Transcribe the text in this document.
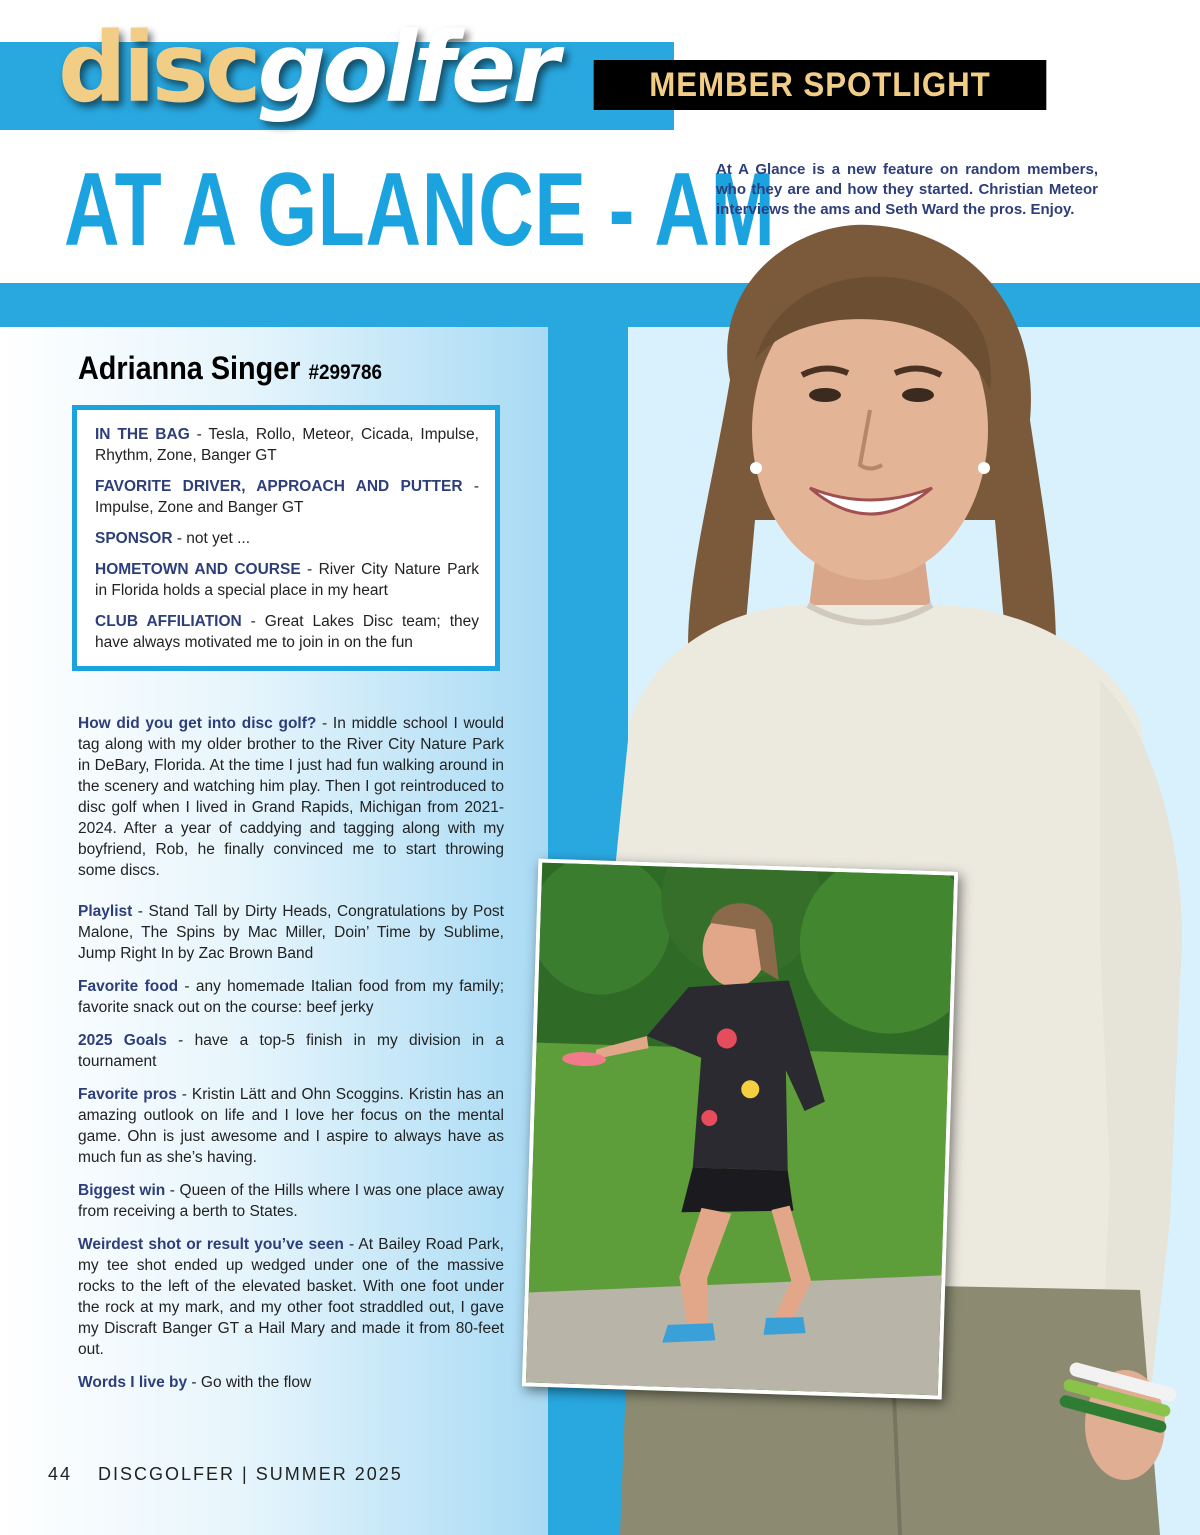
discgolfer	MEMBER SPOTLIGHT
AT A GLANCE - AM
At A Glance is a new feature on random members, who they are and how they started. Christian Meteor interviews the ams and Seth Ward the pros. Enjoy.
Adrianna Singer #299786

IN THE BAG - Tesla, Rollo, Meteor, Cicada, Impulse, Rhythm, Zone, Banger GT

FAVORITE DRIVER, APPROACH AND PUTTER - Impulse, Zone and Banger GT

SPONSOR - not yet ...

HOMETOWN AND COURSE - River City Nature Park in Florida holds a special place in my heart

CLUB AFFILIATION - Great Lakes Disc team; they have always motivated me to join in on the fun

How did you get into disc golf? - In middle school I would tag along with my older brother to the River City Nature Park in DeBary, Florida. At the time I just had fun walking around in the scenery and watching him play. Then I got reintroduced to disc golf when I lived in Grand Rapids, Michigan from 2021-2024. After a year of caddying and tagging along with my boyfriend, Rob, he finally convinced me to start throwing some discs.

Playlist - Stand Tall by Dirty Heads, Congratulations by Post Malone, The Spins by Mac Miller, Doin’ Time by Sublime, Jump Right In by Zac Brown Band

Favorite food - any homemade Italian food from my family; favorite snack out on the course: beef jerky

2025 Goals - have a top-5 finish in my division in a tournament

Favorite pros - Kristin Lätt and Ohn Scoggins. Kristin has an amazing outlook on life and I love her focus on the mental game. Ohn is just awesome and I aspire to always have as much fun as she’s having.

Biggest win - Queen of the Hills where I was one place away from receiving a berth to States.

Weirdest shot or result you’ve seen - At Bailey Road Park, my tee shot ended up wedged under one of the massive rocks to the left of the elevated basket. With one foot under the rock at my mark, and my other foot straddled out, I gave my Discraft Banger GT a Hail Mary and made it from 80-feet out.

Words I live by - Go with the flow

44 DISCGOLFER | SUMMER 2025
